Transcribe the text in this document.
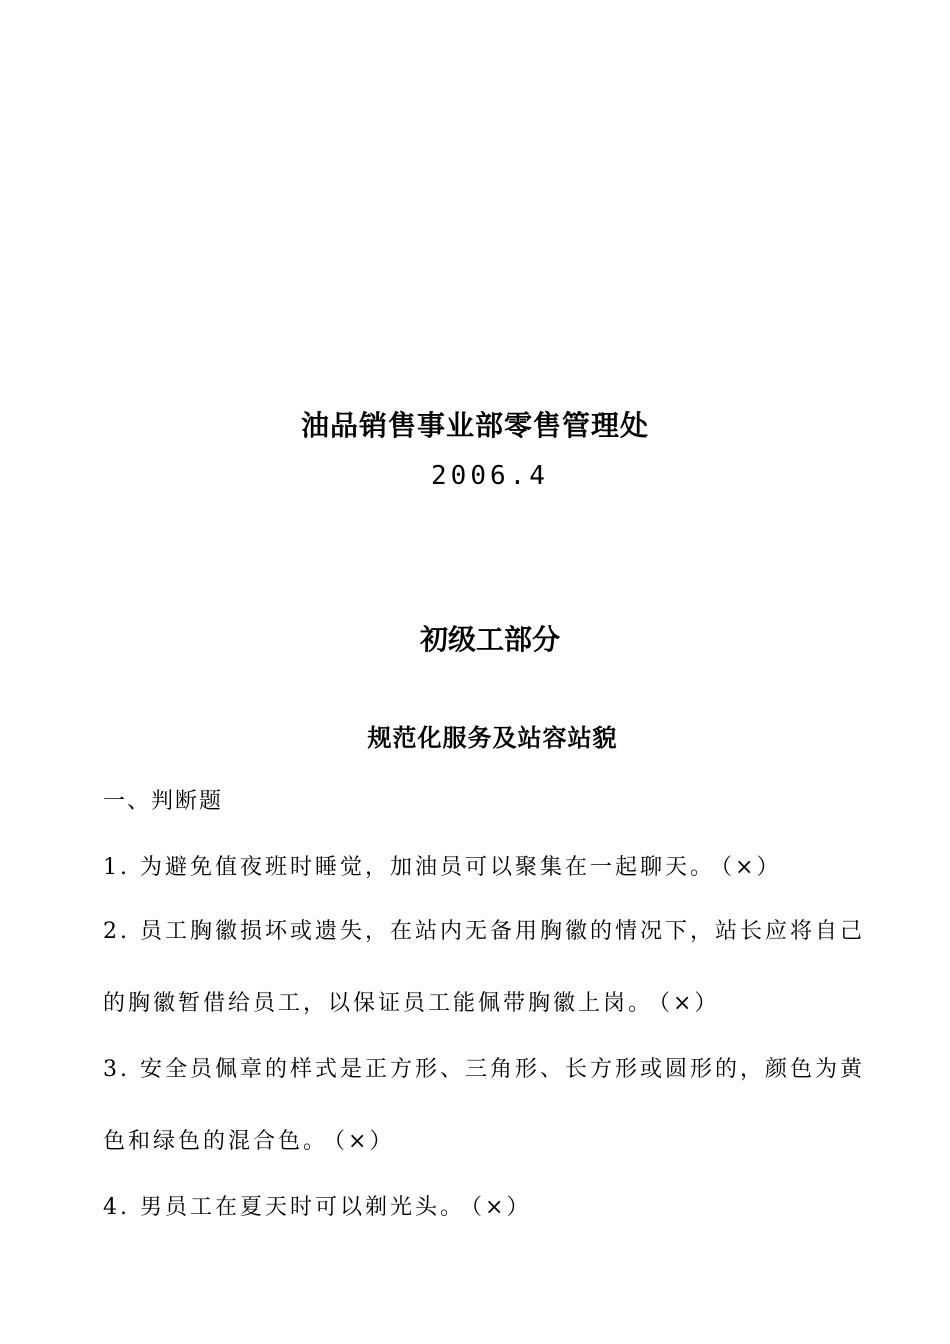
油品销售事业部零售管理处
2006.4
初级工部分
规范化服务及站容站貌
一、判断题
1. 为避免值夜班时睡觉，加油员可以聚集在一起聊天。 （×）
2. 员工胸徽损坏或遗失，在站内无备用胸徽的情况下，站长应将自己
的胸徽暂借给员工，以保证员工能佩带胸徽上岗。 （×）
3. 安全员佩章的样式是正方形、三角形、长方形或圆形的，颜色为黄
色和绿色的混合色。 （×）
4. 男员工在夏天时可以剃光头。 （×）
